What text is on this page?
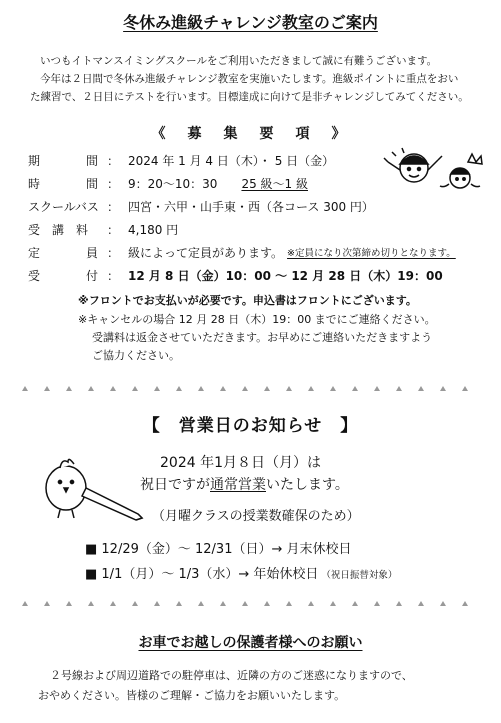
冬休み進級チャレンジ教室のご案内
いつもイトマンスイミングスクールをご利用いただきまして誠に有難うございます。
今年は２日間で冬休み進級チャレンジ教室を実施いたします。進級ポイントに重点をおい
た練習で、２日目にテストを行います。目標達成に向けて是非チャレンジしてみてください。
《　募　集　要　項　》
期	間 ： 2024 年 1 月 4 日（木）・ 5 日（金）
時	間 ： 9：20〜10：30 25 級〜1 級
スクールバス ： 四宮・六甲・山手東・西（各コース 300 円）
受　講　料	： 4,180 円
定	員 ： 級によって定員があります。 ※定員になり次第締め切りとなります。
受	付 ： 12 月 8 日（金）10：00 〜 12 月 28 日（木）19：00
※フロントでお支払いが必要です。申込書はフロントにございます。
※キャンセルの場合 12 月 28 日（木）19：00 までにご連絡ください。
受講料は返金させていただきます。お早めにご連絡いただきますよう
ご協力ください。
【　営業日のお知らせ　】
2024 年1月８日（月）は
祝日ですが通常営業いたします。
（月曜クラスの授業数確保のため）
■ 12/29（金）〜 12/31（日）→ 月末休校日
■ 1/1（月）〜 1/3（水）→ 年始休校日 （祝日振替対象）
お車でお越しの保護者様へのお願い
２号線および周辺道路での駐停車は、近隣の方のご迷惑になりますので、
おやめください。皆様のご理解・ご協力をお願いいたします。
